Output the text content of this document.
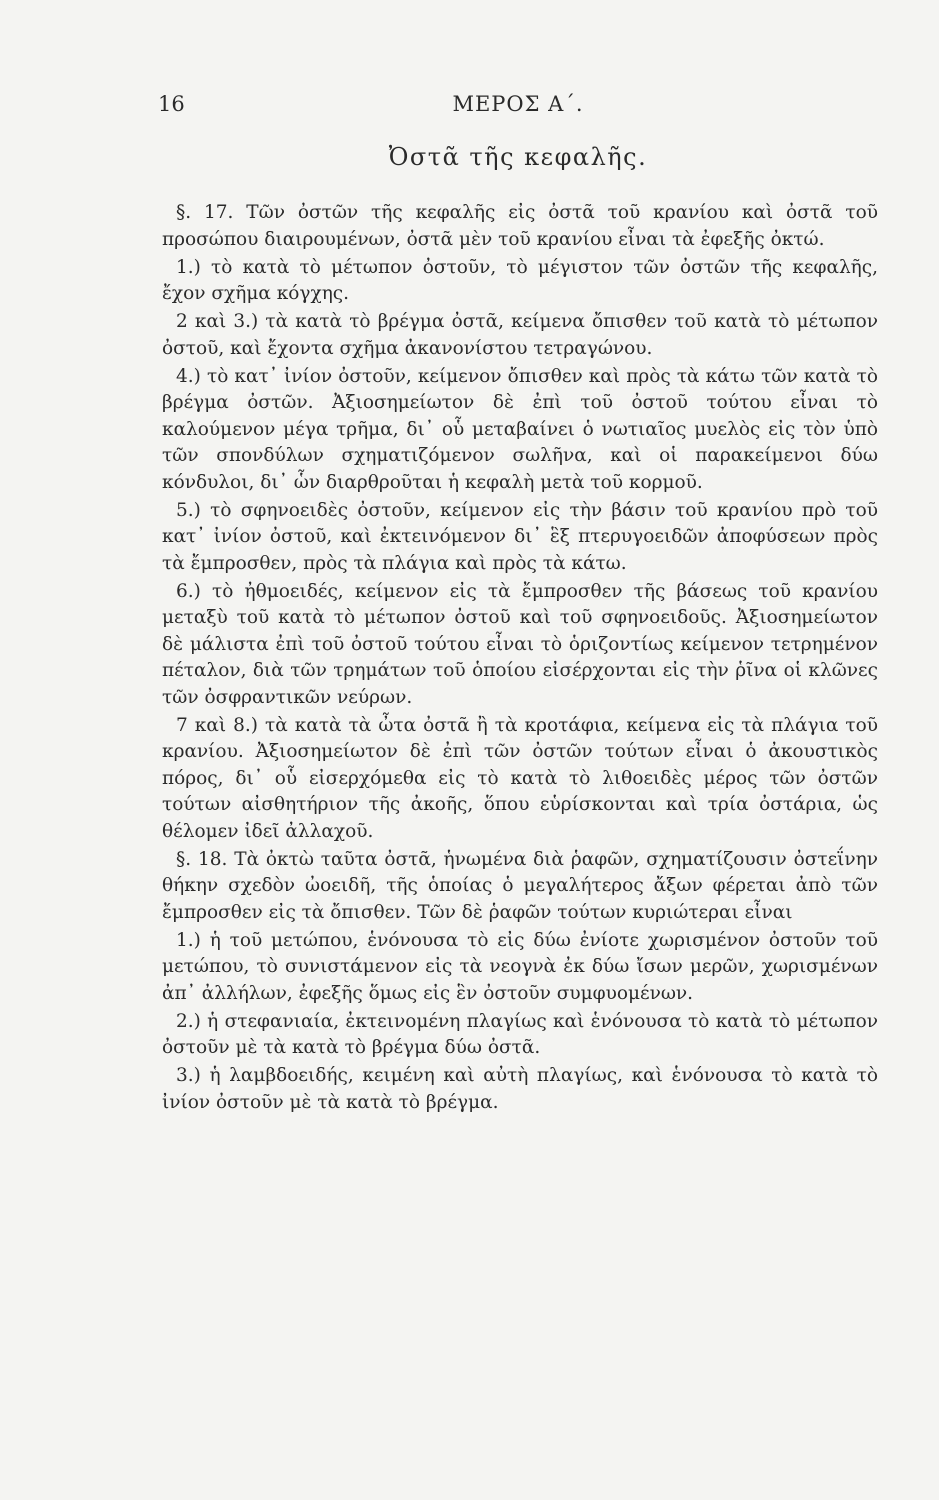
16	ΜΕΡΟΣ Α΄.
Ὀστᾶ τῆς κεφαλῆς.

§. 17. Τῶν ὀστῶν τῆς κεφαλῆς εἰς ὀστᾶ τοῦ κρανίου καὶ ὀστᾶ τοῦ προσώπου διαιρουμένων, ὀστᾶ μὲν τοῦ κρανίου εἶναι τὰ ἐφεξῆς ὀκτώ.

1.) τὸ κατὰ τὸ μέτωπον ὀστοῦν, τὸ μέγιστον τῶν ὀστῶν τῆς κεφαλῆς, ἔχον σχῆμα κόγχης.

2 καὶ 3.) τὰ κατὰ τὸ βρέγμα ὀστᾶ, κείμενα ὄπισθεν τοῦ κατὰ τὸ μέτωπον ὀστοῦ, καὶ ἔχοντα σχῆμα ἀκανονίστου τετραγώνου.

4.) τὸ κατ᾽ ἰνίον ὀστοῦν, κείμενον ὄπισθεν καὶ πρὸς τὰ κάτω τῶν κατὰ τὸ βρέγμα ὀστῶν. Ἀξιοσημείωτον δὲ ἐπὶ τοῦ ὀστοῦ τούτου εἶναι τὸ καλούμενον μέγα τρῆμα, δι᾽ οὗ μεταβαίνει ὁ νωτιαῖος μυελὸς εἰς τὸν ὑπὸ τῶν σπονδύλων σχηματιζόμενον σωλῆνα, καὶ οἱ παρακείμενοι δύω κόνδυλοι, δι᾽ ὧν διαρθροῦται ἡ κεφαλὴ μετὰ τοῦ κορμοῦ.

5.) τὸ σφηνοειδὲς ὀστοῦν, κείμενον εἰς τὴν βάσιν τοῦ κρανίου πρὸ τοῦ κατ᾽ ἰνίον ὀστοῦ, καὶ ἐκτεινόμενον δι᾽ ἓξ πτερυγοειδῶν ἀποφύσεων πρὸς τὰ ἔμπροσθεν, πρὸς τὰ πλάγια καὶ πρὸς τὰ κάτω.

6.) τὸ ἠθμοειδές, κείμενον εἰς τὰ ἔμπροσθεν τῆς βάσεως τοῦ κρανίου μεταξὺ τοῦ κατὰ τὸ μέτωπον ὀστοῦ καὶ τοῦ σφηνοειδοῦς. Ἀξιοσημείωτον δὲ μάλιστα ἐπὶ τοῦ ὀστοῦ τούτου εἶναι τὸ ὁριζοντίως κείμενον τετρημένον πέταλον, διὰ τῶν τρημάτων τοῦ ὁποίου εἰσέρχονται εἰς τὴν ῥῖνα οἱ κλῶνες τῶν ὀσφραντικῶν νεύρων.

7 καὶ 8.) τὰ κατὰ τὰ ὦτα ὀστᾶ ἢ τὰ κροτάφια, κείμενα εἰς τὰ πλάγια τοῦ κρανίου. Ἀξιοσημείωτον δὲ ἐπὶ τῶν ὀστῶν τούτων εἶναι ὁ ἀκουστικὸς πόρος, δι᾽ οὗ εἰσερχόμεθα εἰς τὸ κατὰ τὸ λιθοειδὲς μέρος τῶν ὀστῶν τούτων αἰσθητήριον τῆς ἀκοῆς, ὅπου εὑρίσκονται καὶ τρία ὀστάρια, ὡς θέλομεν ἰδεῖ ἀλλαχοῦ.

§. 18. Τὰ ὀκτὼ ταῦτα ὀστᾶ, ἡνωμένα διὰ ῥαφῶν, σχηματίζουσιν ὀστεΐνην θήκην σχεδὸν ὠοειδῆ, τῆς ὁποίας ὁ μεγαλήτερος ἄξων φέρεται ἀπὸ τῶν ἔμπροσθεν εἰς τὰ ὄπισθεν. Τῶν δὲ ῥαφῶν τούτων κυριώτεραι εἶναι

1.) ἡ τοῦ μετώπου, ἑνόνουσα τὸ εἰς δύω ἐνίοτε χωρισμένον ὀστοῦν τοῦ μετώπου, τὸ συνιστάμενον εἰς τὰ νεογνὰ ἐκ δύω ἴσων μερῶν, χωρισμένων ἀπ᾽ ἀλλήλων, ἐφεξῆς ὅμως εἰς ἓν ὀστοῦν συμφυομένων.

2.) ἡ στεφανιαία, ἐκτεινομένη πλαγίως καὶ ἑνόνουσα τὸ κατὰ τὸ μέτωπον ὀστοῦν μὲ τὰ κατὰ τὸ βρέγμα δύω ὀστᾶ.

3.) ἡ λαμβδοειδής, κειμένη καὶ αὐτὴ πλαγίως, καὶ ἑνόνουσα τὸ κατὰ τὸ ἰνίον ὀστοῦν μὲ τὰ κατὰ τὸ βρέγμα.
